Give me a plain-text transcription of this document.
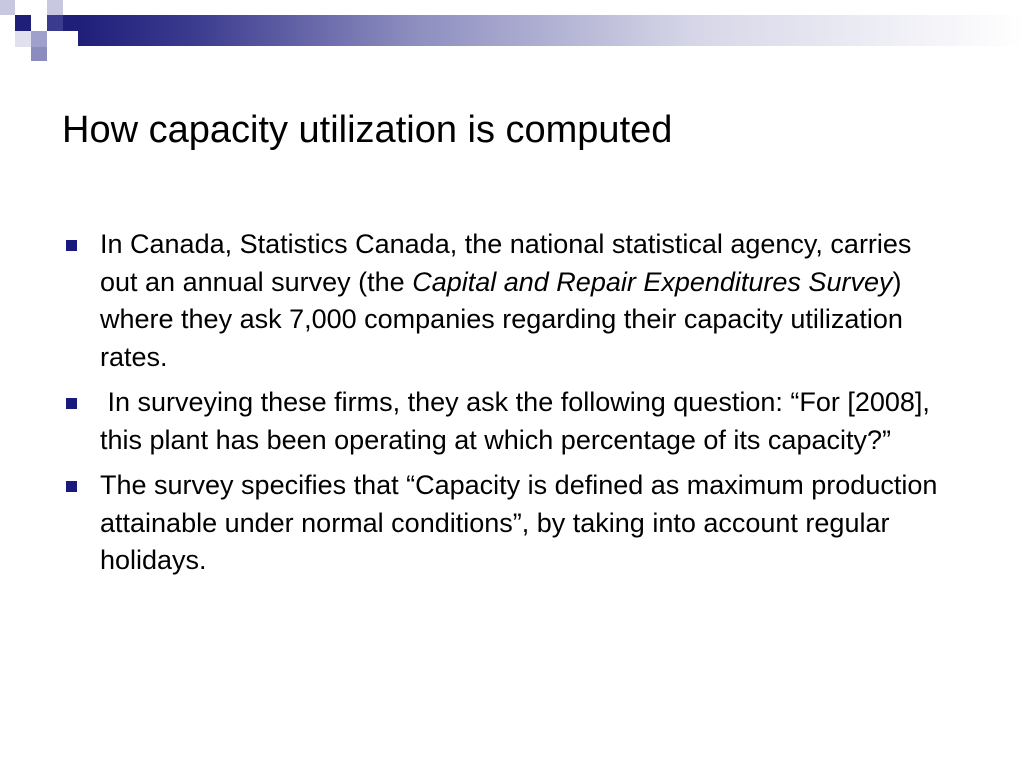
How capacity utilization is computed
In Canada, Statistics Canada, the national statistical agency, carries out an annual survey (the Capital and Repair Expenditures Survey) where they ask 7,000 companies regarding their capacity utilization rates.
In surveying these firms, they ask the following question: “For [2008], this plant has been operating at which percentage of its capacity?”
The survey specifies that “Capacity is defined as maximum production attainable under normal conditions”, by taking into account regular holidays.
